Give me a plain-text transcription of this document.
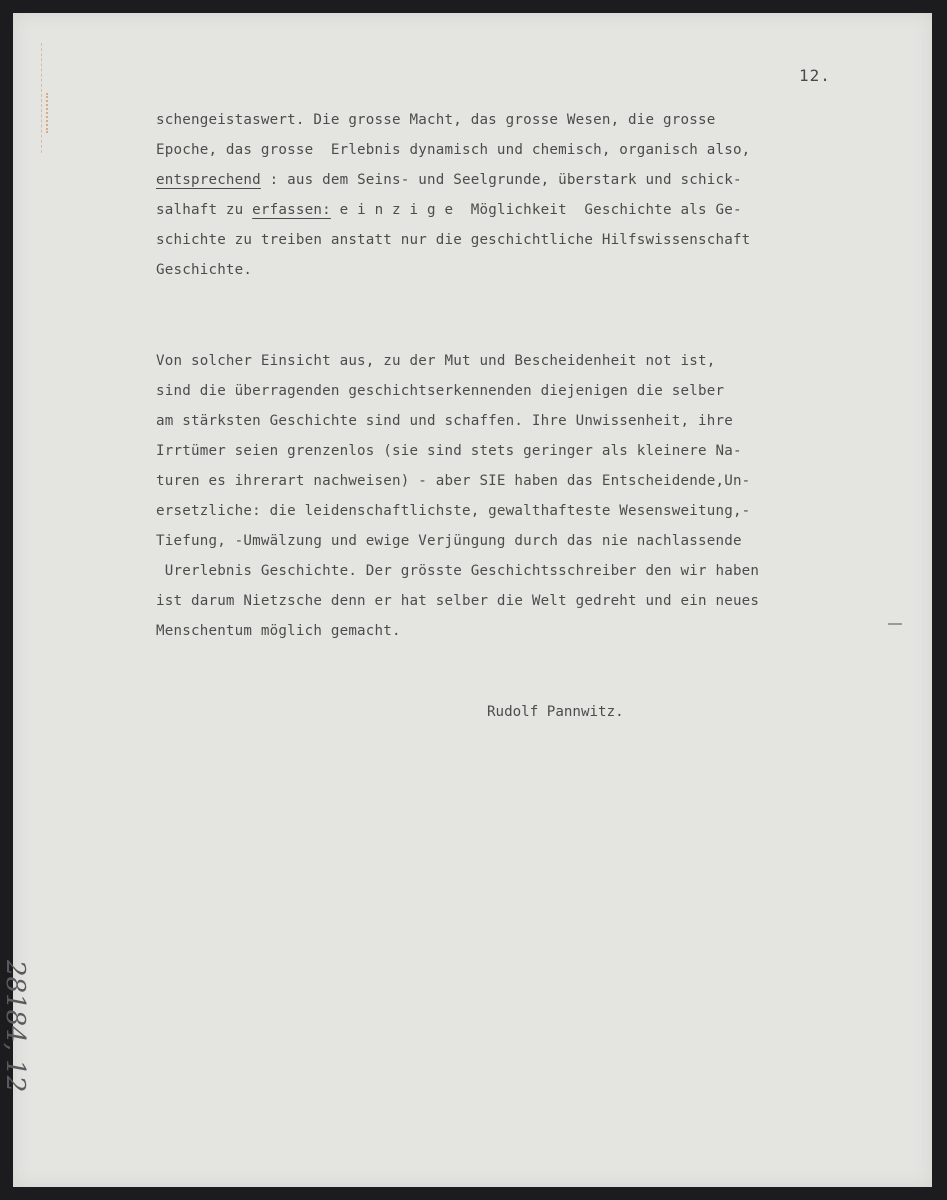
12.
schengeistaswert. Die grosse Macht, das grosse Wesen, die grosse
Epoche, das grosse  Erlebnis dynamisch und chemisch, organisch also,
entsprechend : aus dem Seins- und Seelgrunde, überstark und schick-
salhaft zu erfassen: e i n z i g e  Möglichkeit  Geschichte als Ge-
schichte zu treiben anstatt nur die geschichtliche Hilfswissenschaft
Geschichte.
Von solcher Einsicht aus, zu der Mut und Bescheidenheit not ist,
sind die überragenden geschichtserkennenden diejenigen die selber
am stärksten Geschichte sind und schaffen. Ihre Unwissenheit, ihre
Irrtümer seien grenzenlos (sie sind stets geringer als kleinere Na-
turen es ihrerart nachweisen) - aber SIE haben das Entscheidende,Un-
ersetzliche: die leidenschaftlichste, gewalthafteste Wesensweitung,-
Tiefung, -Umwälzung und ewige Verjüngung durch das nie nachlassende
Urerlebnis Geschichte. Der grösste Geschichtsschreiber den wir haben
ist darum Nietzsche denn er hat selber die Welt gedreht und ein neues
Menschentum möglich gemacht.
Rudolf Pannwitz.
28184, 12
